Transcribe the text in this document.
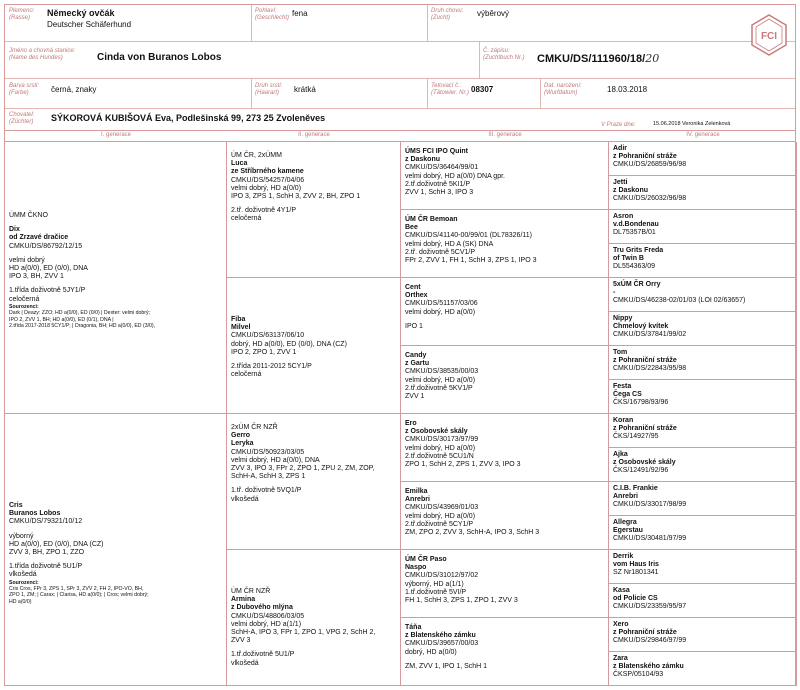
Plemeno:
(Rasse)	Německý ovčák
Deutscher Schäferhund
Pohlaví:
(Geschlecht) fena	Druh chovu:
(Zucht)	výběrový
Jméno a chovná stanice:
(Name des Hundes)	Cinda von Buranos Lobos
Č. zápisu:
(Zuchtbuch Nr.) CMKU/DS/111960/18/20
Barva srsti:
(Farbe)	černá, znaky	Druh srsti:
(Haarart)	krátká	Tetovací č.:
(Tätowier. Nr.) 08307	Dat. narození:
(Wurfdatum)	18.03.2018
Chovatel:
(Züchter) SÝKOROVÁ KUBIŠOVÁ Eva, Podlešinská 99, 273 25 Zvoleněves
V Praze dne:	15.06.2018 Veronika Zelenková
FCI
I. generace	II. generace	III. generace	IV. generace
ÚMM ČKNO
Dix
od Zrzavé dračice
CMKU/DS/86792/12/15
velmi dobrý
HD a(0/0), ED (0/0), DNA
IPO 3, BH, ZVV 1
1.třída doživotně 5JY1/P
celočerná
Sourozenci:
Dark | Deazy: ZZO; HD a(0/0), ED (0/0) | Dexter: velmi dobrý;
IPO 2, ZVV 1, BH; HD a(0/0), ED (0/1), DNA |
2.třída 2017-2018 5CY1/P; | Dragonia, BH; HD a(0/0), ED (3/0),
Cris
Buranos Lobos
CMKU/DS/79321/10/12
výborný
HD a(0/0), ED (0/0), DNA (CZ)
ZVV 3, BH, ZPO 1, ZZO
1.třída doživotně 5U1/P
vlkošedá
Sourozenci:
Cris Cros, FPr 3, ZPS 1, SPr 3, ZVV 2, FH 2, IPO-VO, BH,
ZPO 1, ZM; | Carax; | Clarisa, HD a(0/0); | Cros; velmi dobrý;
HD a(0/0)
ÚM ČR, 2xÚMM
Luca
ze Stříbrného kamene
CMKU/DS/54257/04/06
velmi dobrý, HD a(0/0)
IPO 3, ZPS 1, SchH 3, ZVV 2, BH, ZPO 1
2.tř. doživotně 4Y1/P
celočerná
Fiba
Milvel
CMKU/DS/63137/06/10
dobrý, HD a(0/0), ED (0/0), DNA (CZ)
IPO 2, ZPO 1, ZVV 1
2.třída 2011-2012 5CY1/P
celočerná
2xÚM ČR NZŘ
Gerro
Leryka
CMKU/DS/50923/03/05
velmi dobrý, HD a(0/0), DNA
ZVV 3, IPO 3, FPr 2, ZPO 1, ZPU 2, ZM, ZOP,
SchH-A, SchH 3, ZPS 1
1.tř. doživotně 5VQ1/P
vlkošedá
ÚM ČR NZŘ
Armina
z Dubového mlýna
CMKU/DS/48806/03/05
velmi dobrý, HD a(1/1)
SchH-A, IPO 3, FPr 1, ZPO 1, VPG 2, SchH 2,
ZVV 3
1.tř.doživotně 5U1/P
vlkošedá
ÚMS FCI IPO Quint
z Daskonu
CMKU/DS/36464/99/01
velmi dobrý, HD a(0/0) DNA gpr.
2.tř.doživotně 5KI1/P
ZVV 1, SchH 3, IPO 3
ÚM ČR Bemoan
Bee
CMKU/DS/41140-00/99/01 (DL78326/11)
velmi dobrý, HD A (SK) DNA
2.tř. doživotně 5CV1/P
FPr 2, ZVV 1, FH 1, SchH 3, ZPS 1, IPO 3
Cent
Orthex
CMKU/DS/51157/03/06
velmi dobrý, HD a(0/0)
IPO 1
Candy
z Gartu
CMKU/DS/38535/00/03
velmi dobrý, HD a(0/0)
2.tř.doživotně 5KV1/P
ZVV 1
Ero
z Osobovské skály
CMKU/DS/30173/97/99
velmi dobrý, HD a(0/0)
2.tř.doživotně 5CU1/N
ZPO 1, SchH 2, ZPS 1, ZVV 3, IPO 3
Emilka
Anrebri
CMKU/DS/43969/01/03
velmi dobrý, HD a(0/0)
2.tř.doživotně 5CY1/P
ZM, ZPO 2, ZVV 3, SchH-A, IPO 3, SchH 3
ÚM ČR Paso
Naspo
CMKU/DS/31012/97/02
výborný, HD a(1/1)
1.tř.doživotně 5VI/P
FH 1, SchH 3, ZPS 1, ZPO 1, ZVV 3
Táňa
z Blatenského zámku
CMKU/DS/39657/00/03
dobrý, HD a(0/0)
ZM, ZVV 1, IPO 1, SchH 1
Adir
z Pohraniční stráže
CMKU/DS/26859/96/98
Jetti
z Daskonu
CMKU/DS/26032/96/98
Asron
v.d.Bondenau
DL75357B/01
Tru Grits Freda
of Twin B
DL554363/09
5xÚM ČR Orry
-
CMKU/DS/46238-02/01/03 (LOI 02/63657)
Nippy
Chmelový kvítek
CMKU/DS/37841/99/02
Tom
z Pohraniční stráže
CMKU/DS/22843/95/98
Festa
Čega CS
ČKS/16798/93/96
Koran
z Pohraniční stráže
ČKS/14927/95
Ajka
z Osobovské skály
ČKS/12491/92/96
C.I.B. Frankie
Anrebri
CMKU/DS/33017/98/99
Allegra
Egerstau
CMKU/DS/30481/97/99
Derrik
vom Haus Iris
SZ Nr1801341
Kasa
od Policie CS
CMKU/DS/23359/95/97
Xero
z Pohraniční stráže
CMKU/DS/29846/97/99
Zara
z Blatenského zámku
ČKSP/05104/93
